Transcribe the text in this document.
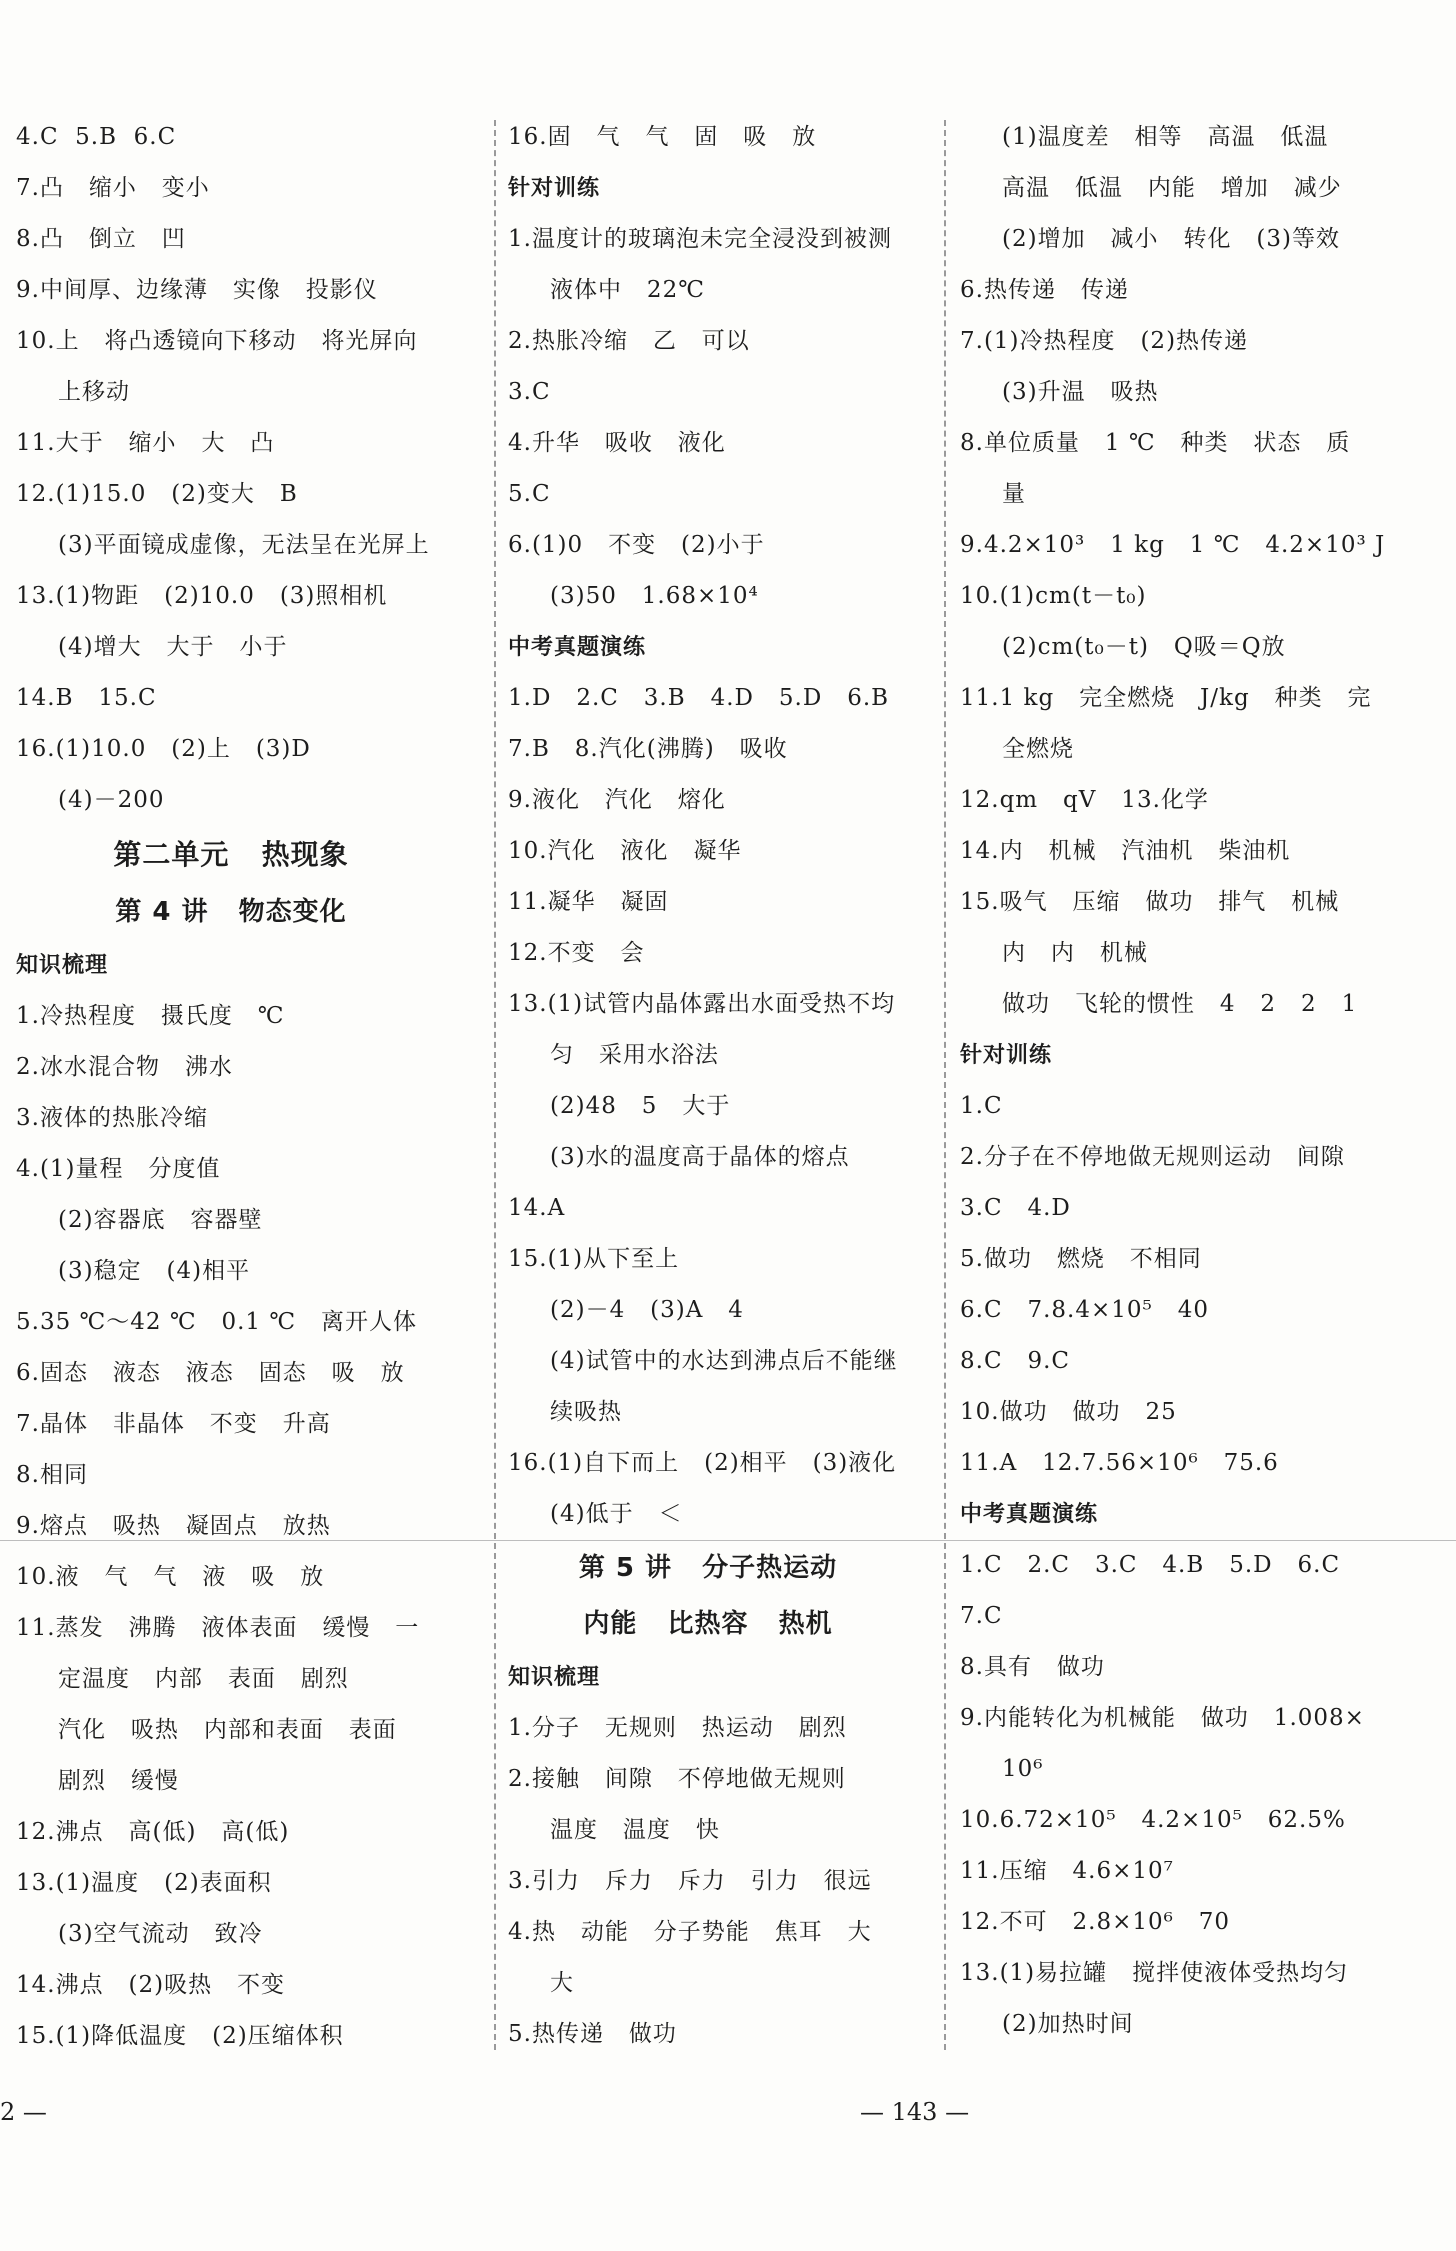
4.C  5.B  6.C
7.凸   缩小   变小
8.凸   倒立   凹
9.中间厚、边缘薄   实像   投影仪
10.上   将凸透镜向下移动   将光屏向
上移动
11.大于   缩小   大   凸
12.(1)15.0   (2)变大   B
(3)平面镜成虚像，无法呈在光屏上
13.(1)物距   (2)10.0   (3)照相机
(4)增大   大于   小于
14.B   15.C
16.(1)10.0   (2)上   (3)D
(4)－200
第二单元   热现象
第 4 讲   物态变化
知识梳理
1.冷热程度   摄氏度   ℃
2.冰水混合物   沸水
3.液体的热胀冷缩
4.(1)量程   分度值
(2)容器底   容器壁
(3)稳定   (4)相平
5.35 ℃～42 ℃   0.1 ℃   离开人体
6.固态   液态   液态   固态   吸   放
7.晶体   非晶体   不变   升高
8.相同
9.熔点   吸热   凝固点   放热
10.液   气   气   液   吸   放
11.蒸发   沸腾   液体表面   缓慢   一
定温度   内部   表面   剧烈
汽化   吸热   内部和表面   表面
剧烈   缓慢
12.沸点   高(低)   高(低)
13.(1)温度   (2)表面积
(3)空气流动   致冷
14.沸点   (2)吸热   不变
15.(1)降低温度   (2)压缩体积
16.固   气   气   固   吸   放
针对训练
1.温度计的玻璃泡未完全浸没到被测
液体中   22℃
2.热胀冷缩   乙   可以
3.C
4.升华   吸收   液化
5.C
6.(1)0   不变   (2)小于
(3)50   1.68×10⁴
中考真题演练
1.D   2.C   3.B   4.D   5.D   6.B
7.B   8.汽化(沸腾)   吸收
9.液化   汽化   熔化
10.汽化   液化   凝华
11.凝华   凝固
12.不变   会
13.(1)试管内晶体露出水面受热不均
匀   采用水浴法
(2)48   5   大于
(3)水的温度高于晶体的熔点
14.A
15.(1)从下至上
(2)－4   (3)A   4
(4)试管中的水达到沸点后不能继
续吸热
16.(1)自下而上   (2)相平   (3)液化
(4)低于   ＜
第 5 讲   分子热运动
内能   比热容   热机
知识梳理
1.分子   无规则   热运动   剧烈
2.接触   间隙   不停地做无规则
温度   温度   快
3.引力   斥力   斥力   引力   很远
4.热   动能   分子势能   焦耳   大
大
5.热传递   做功
(1)温度差   相等   高温   低温
高温   低温   内能   增加   减少
(2)增加   减小   转化   (3)等效
6.热传递   传递
7.(1)冷热程度   (2)热传递
(3)升温   吸热
8.单位质量   1 ℃   种类   状态   质
量
9.4.2×10³   1 kg   1 ℃   4.2×10³ J
10.(1)cm(t－t₀)
(2)cm(t₀－t)   Q吸＝Q放
11.1 kg   完全燃烧   J/kg   种类   完
全燃烧
12.qm   qV   13.化学
14.内   机械   汽油机   柴油机
15.吸气   压缩   做功   排气   机械
内   内   机械
做功   飞轮的惯性   4   2   2   1
针对训练
1.C
2.分子在不停地做无规则运动   间隙
3.C   4.D
5.做功   燃烧   不相同
6.C   7.8.4×10⁵   40
8.C   9.C
10.做功   做功   25
11.A   12.7.56×10⁶   75.6
中考真题演练
1.C   2.C   3.C   4.B   5.D   6.C
7.C
8.具有   做功
9.内能转化为机械能   做功   1.008×
10⁶
10.6.72×10⁵   4.2×10⁵   62.5%
11.压缩   4.6×10⁷
12.不可   2.8×10⁶   70
13.(1)易拉罐   搅拌使液体受热均匀
(2)加热时间
2 —	— 143 —
